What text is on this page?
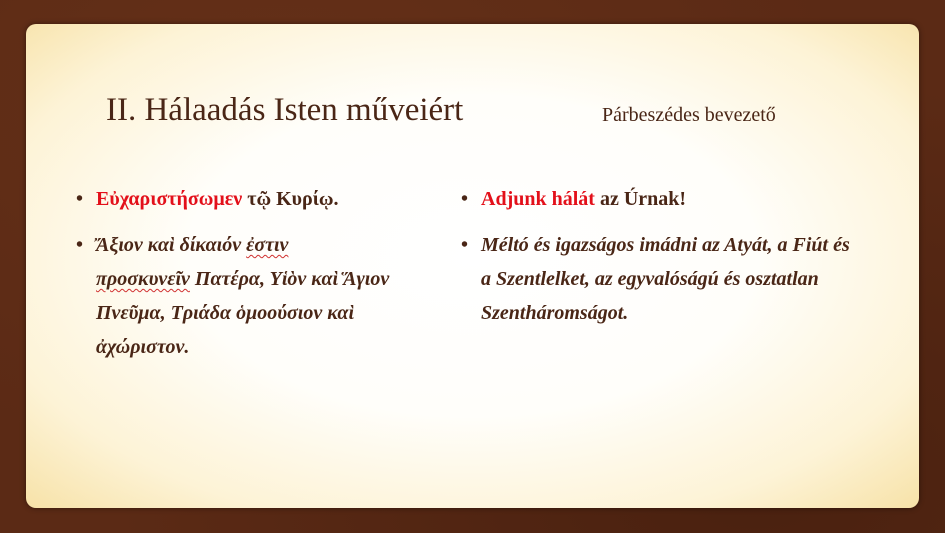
II. Hálaadás Isten műveiért	Párbeszédes bevezető
• Εὐχαριστήσωμεν τῷ Κυρίῳ.
• Ἄξιον καὶ δίκαιόν ἐστιν
προσκυνεῖν Πατέρα, Υἱὸν καὶ Ἅγιον Πνεῦμα, Τριάδα ὁμοούσιον καὶ ἀχώριστον.
• Adjunk hálát az Úrnak!
• Méltó és igazságos imádni az Atyát, a Fiút és a Szentlelket, az egyvalóságú és osztatlan Szentháromságot.
